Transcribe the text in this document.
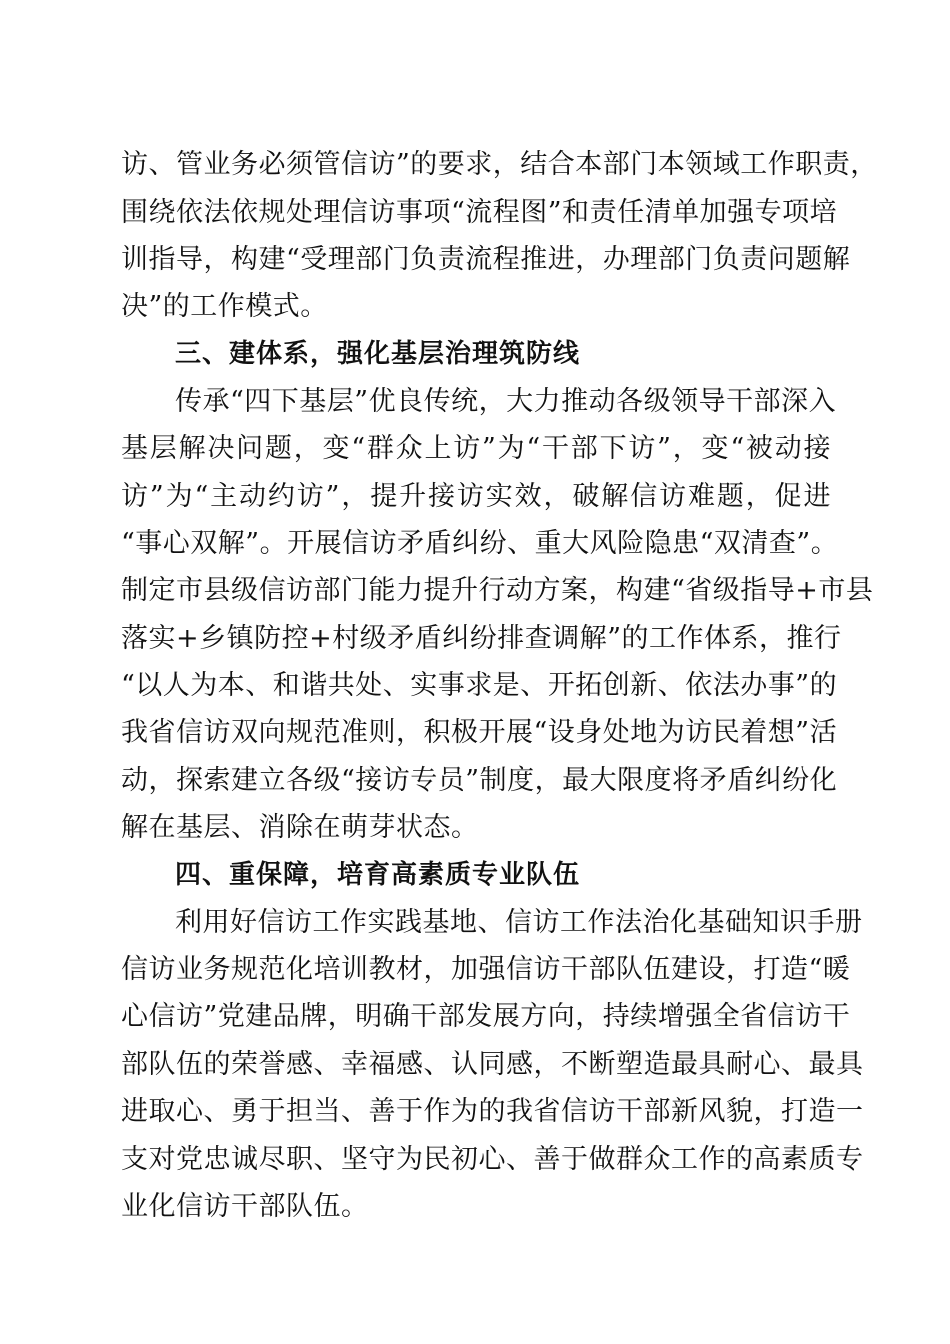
访、管业务必须管信访”的要求，结合本部门本领域工作职责，
围绕依法依规处理信访事项“流程图”和责任清单加强专项培
训指导，构建“受理部门负责流程推进，办理部门负责问题解
决”的工作模式。
三、建体系，强化基层治理筑防线
传承“四下基层”优良传统，大力推动各级领导干部深入
基层解决问题，变“群众上访”为“干部下访”，变“被动接
访”为“主动约访”，提升接访实效，破解信访难题，促进
“事心双解”。开展信访矛盾纠纷、重大风险隐患“双清查”。
制定市县级信访部门能力提升行动方案，构建“省级指导+市县
落实+乡镇防控+村级矛盾纠纷排查调解”的工作体系，推行
“以人为本、和谐共处、实事求是、开拓创新、依法办事”的
我省信访双向规范准则，积极开展“设身处地为访民着想”活
动，探索建立各级“接访专员”制度，最大限度将矛盾纠纷化
解在基层、消除在萌芽状态。
四、重保障，培育高素质专业队伍
利用好信访工作实践基地、信访工作法治化基础知识手册
信访业务规范化培训教材，加强信访干部队伍建设，打造“暖
心信访”党建品牌，明确干部发展方向，持续增强全省信访干
部队伍的荣誉感、幸福感、认同感，不断塑造最具耐心、最具
进取心、勇于担当、善于作为的我省信访干部新风貌，打造一
支对党忠诚尽职、坚守为民初心、善于做群众工作的高素质专
业化信访干部队伍。
